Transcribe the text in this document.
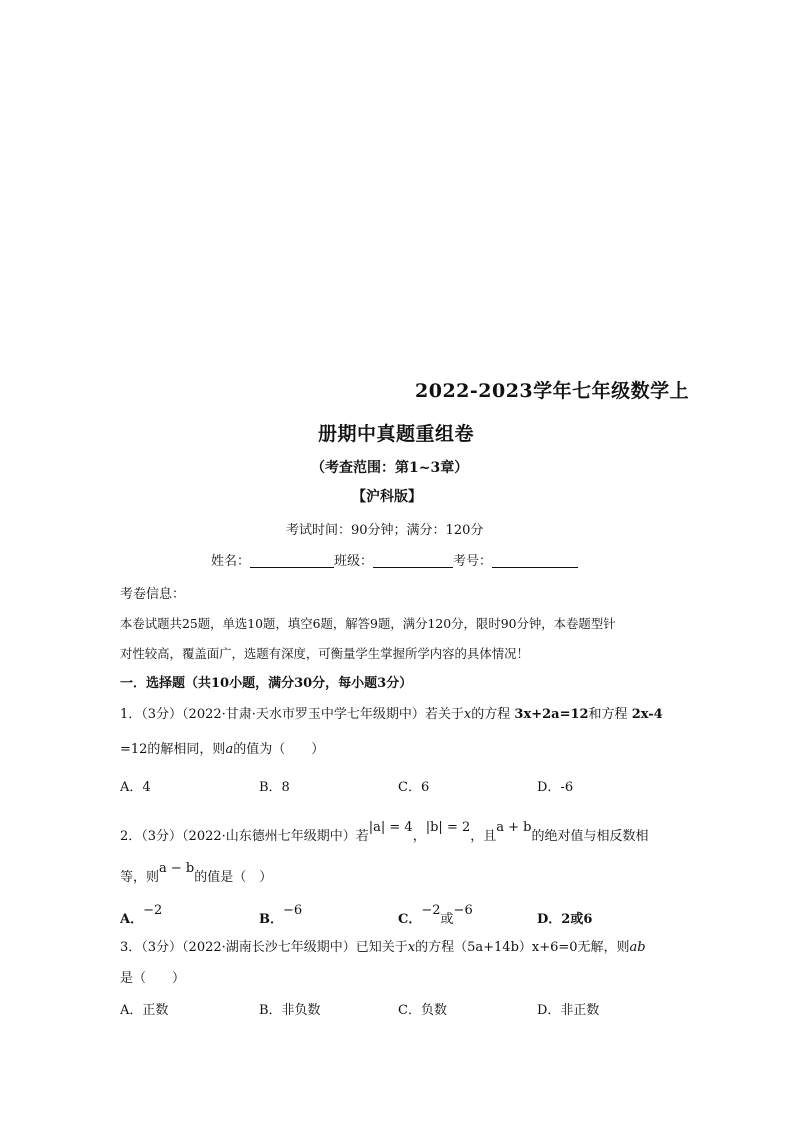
2022-2023学年七年级数学上
册期中真题重组卷
（考查范围：第1~3章）
【沪科版】
考试时间：90分钟；满分：120分
姓名：	班级：	考号：
考卷信息：
本卷试题共25题，单选10题，填空6题，解答9题，满分120分，限时90分钟，本卷题型针
对性较高，覆盖面广，选题有深度，可衡量学生掌握所学内容的具体情况！
一．选择题（共10小题，满分30分，每小题3分）
1．（3分）（2022·甘肃·天水市罗玉中学七年级期中）若关于x的方程 3x+2a=12和方程 2x-4
=12的解相同，则a的值为（　　）
A．4	B．8	C．6	D．-6
2．（3分）（2022·山东德州七年级期中）若|a| = 4，|b| = 2，且a + b的绝对值与相反数相
等，则a − b的值是（　）
A．−2
B．−6
C．−2或−6
D．2或6
3．（3分）（2022·湖南长沙七年级期中）已知关于x的方程（5a+14b）x+6=0无解，则ab
是（　　）
A．正数	B．非负数	C．负数	D．非正数
